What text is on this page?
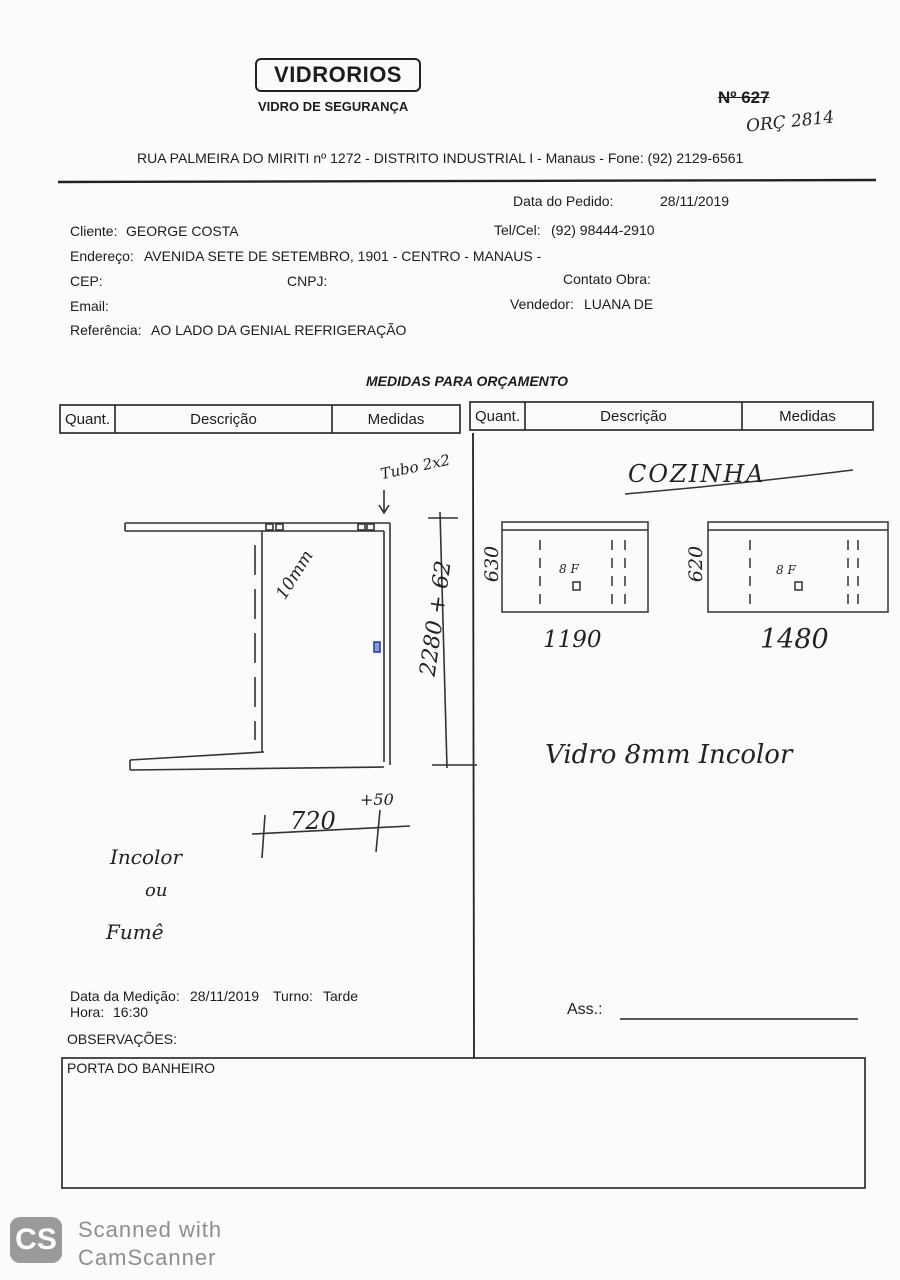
VIDRORIOS
VIDRO DE SEGURANÇA	Nº 627
ORÇ 2814
RUA PALMEIRA DO MIRITI nº 1272 - DISTRITO INDUSTRIAL I - Manaus - Fone: (92) 2129-6561
Data do Pedido:	28/11/2019
Cliente: GEORGE COSTA	Tel/Cel: (92) 98444-2910
Endereço: AVENIDA SETE DE SETEMBRO, 1901 - CENTRO - MANAUS -
CEP:	CNPJ:	Contato Obra:
Email:	Vendedor: LUANA DE
Referência: AO LADO DA GENIAL REFRIGERAÇÃO
MEDIDAS PARA ORÇAMENTO
Quant.	Descrição	Medidas	Quant.	Descrição	Medidas
Tubo 2x2
10mm	2280 + 62
720
+50
Incolor
ou
Fumê
COZINHA
630	8 F
1190
620	8 F
1480
Vidro 8mm Incolor
Data da Medição: 28/11/2019 Turno: Tarde
Hora: 16:30	Ass.:
OBSERVAÇÕES:
PORTA DO BANHEIRO
CS Scanned with
CamScanner
